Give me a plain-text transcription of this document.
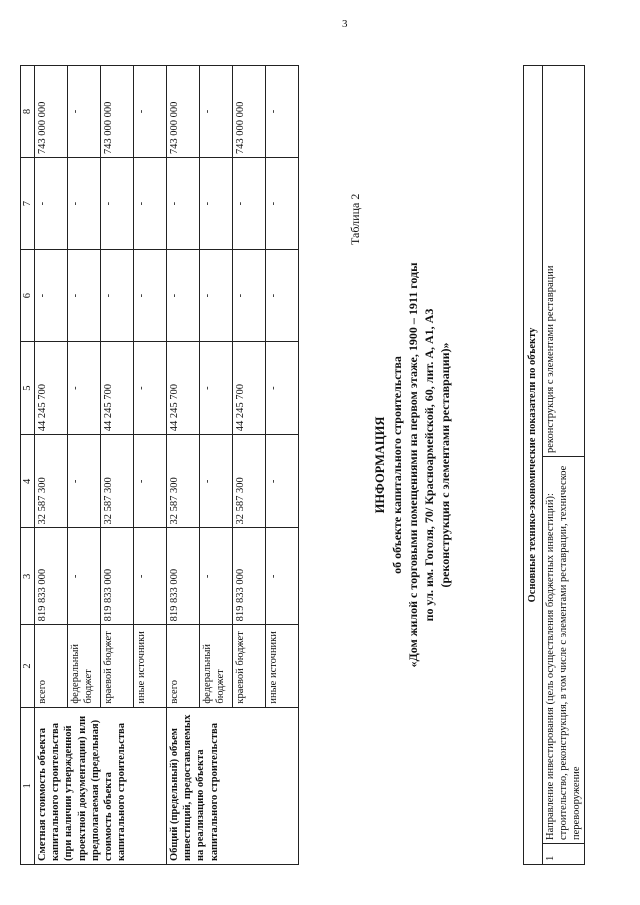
3
1	2	3	4	5	6	7	8
Сметная стоимость объекта капитального строительства (при наличии утвержденной проектной документации) или предполагаемая (предельная) стоимость объекта капитального строительства	всего	819 833 000	32 587 300	44 245 700	-	-	743 000 000
	федеральный бюджет	-	-	-	-	-	-
	краевой бюджет	819 833 000	32 587 300	44 245 700	-	-	743 000 000
	иные источники	-	-	-	-	-	-
Общий (предельный) объем инвестиций, предоставляемых на реализацию объекта капитального строительства	всего	819 833 000	32 587 300	44 245 700	-	-	743 000 000
	федеральный бюджет	-	-	-	-	-	-
	краевой бюджет	819 833 000	32 587 300	44 245 700	-	-	743 000 000
	иные источники	-	-	-	-	-	-
Таблица 2
ИНФОРМАЦИЯ об объекте капитального строительства «Дом жилой с торговыми помещениями на первом этаже, 1900 – 1911 годы по ул. им. Гоголя, 70/ Красноармейской, 60, лит. А, А1, А3 (реконструкция с элементами реставрации)»	Основные технико-экономические показатели по объекту
1	Направление инвестирования (цель осуществления бюджетных инвестиций): строительство, реконструкция, в том числе с элементами реставрации, техническое перевооружение	реконструкция с элементами реставрации
